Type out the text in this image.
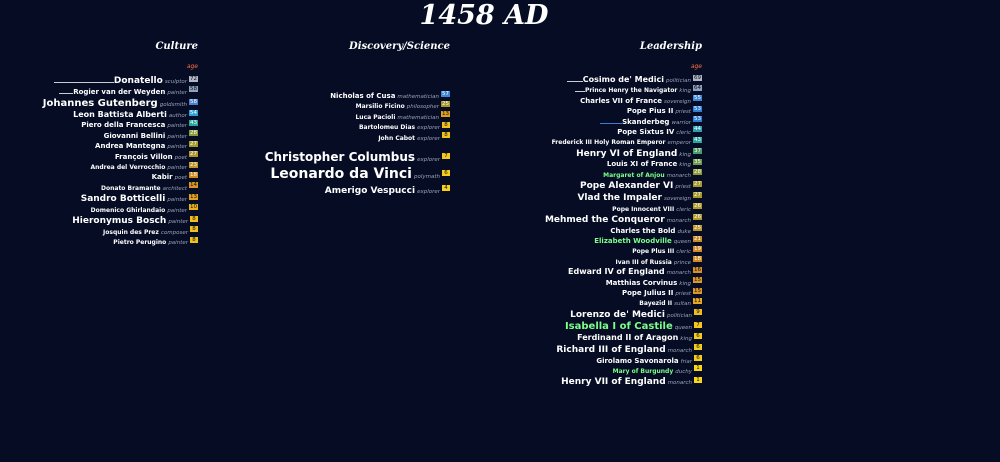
1458 AD
Culture
age
Donatello sculptor72
Rogier van der Weyden painter58
Johannes Gutenberg goldsmith58
Leon Battista Alberti author54
Piero della Francesca painter43
Giovanni Bellini painter28
Andrea Mantegna painter27
François Villon poet27
Andrea del Verrocchio painter23
Kabir poet18
Donato Bramante architect14
Sandro Botticelli painter13
Domenico Ghirlandaio painter10
Hieronymus Bosch painter8
Josquin des Prez composer8
Pietro Perugino painter8
Discovery/Science
Nicholas of Cusa mathematician57
Marsilio Ficino philosopher25
Luca Pacioli mathematician13
Bartolomeu Dias explorer8
John Cabot explorer8
Christopher Columbus explorer7
Leonardo da Vinci polymath6
Amerigo Vespucci explorer4
Leadership
age
Cosimo de' Medici politician69
Prince Henry the Navigator king64
Charles VII of France sovereign55
Pope Pius II priest53
Skanderbeg warrior53
Pope Sixtus IV cleric44
Frederick III Holy Roman Emperor emperor43
Henry VI of England king37
Louis XI of France king35
Margaret of Anjou monarch28
Pope Alexander VI priest27
Vlad the Impaler sovereign27
Pope Innocent VIII cleric26
Mehmed the Conqueror monarch26
Charles the Bold duke25
Elizabeth Woodville queen21
Pope Plus III cleric19
Ivan III of Russia prince18
Edward IV of England monarch16
Matthias Corvinus king15
Pope Julius II priest15
Bayezid II sultan11
Lorenzo de' Medici politician9
Isabella I of Castile queen7
Ferdinand II of Aragon king6
Richard III of England monarch6
Girolamo Savonarola friar6
Mary of Burgundy duchy1
Henry VII of England monarch1
